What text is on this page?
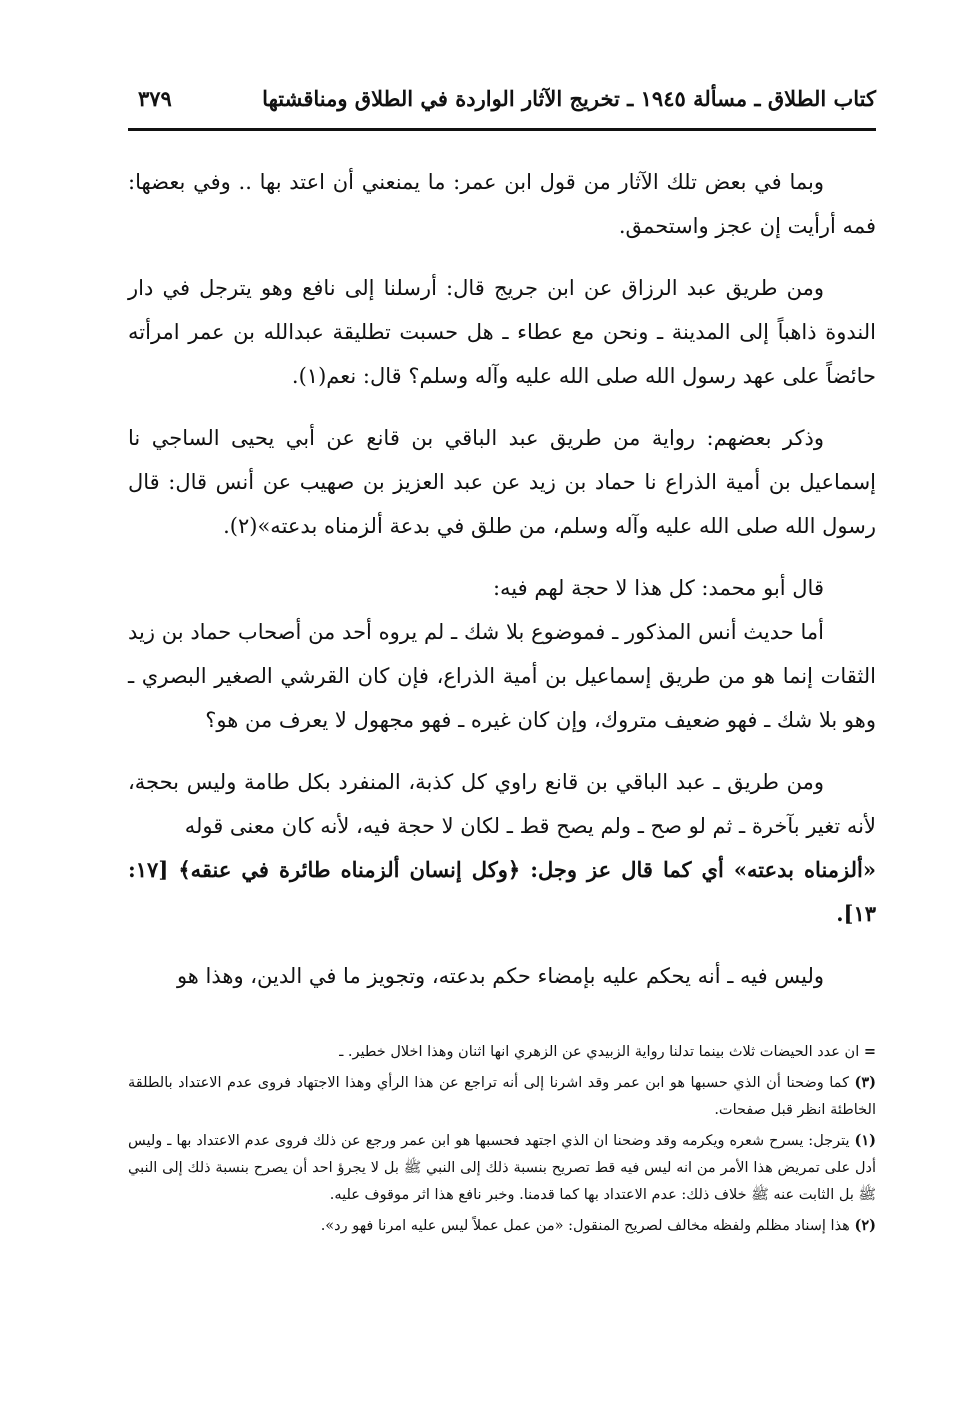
كتاب الطلاق ـ مسألة ١٩٤٥ ـ تخريج الآثار الواردة في الطلاق ومناقشتها
٣٧٩

وبما في بعض تلك الآثار من قول ابن عمر: ما يمنعني أن اعتد بها .. وفي بعضها: فمه أرأيت إن عجز واستحمق.

ومن طريق عبد الرزاق عن ابن جريج قال: أرسلنا إلى نافع وهو يترجل في دار الندوة ذاهباً إلى المدينة ـ ونحن مع عطاء ـ هل حسبت تطليقة عبدالله بن عمر امرأته حائضاً على عهد رسول الله صلى الله عليه وآله وسلم؟ قال: نعم(١).

وذكر بعضهم: رواية من طريق عبد الباقي بن قانع عن أبي يحيى الساجي نا إسماعيل بن أمية الذراع نا حماد بن زيد عن عبد العزيز بن صهيب عن أنس قال: قال رسول الله صلى الله عليه وآله وسلم، من طلق في بدعة ألزمناه بدعته»(٢).

قال أبو محمد: كل هذا لا حجة لهم فيه:

أما حديث أنس المذكور ـ فموضوع بلا شك ـ لم يروه أحد من أصحاب حماد بن زيد الثقات إنما هو من طريق إسماعيل بن أمية الذراع، فإن كان القرشي الصغير البصري ـ وهو بلا شك ـ فهو ضعيف متروك، وإن كان غيره ـ فهو مجهول لا يعرف من هو؟

ومن طريق ـ عبد الباقي بن قانع راوي كل كذبة، المنفرد بكل طامة وليس بحجة، لأنه تغير بآخرة ـ ثم لو صح ـ ولم يصح قط ـ لكان لا حجة فيه، لأنه كان معنى قوله

«ألزمناه بدعته» أي كما قال عز وجل: ﴿وكل إنسان ألزمناه طائرة في عنقه﴾ [١٧: ١٣].

وليس فيه ـ أنه يحكم عليه بإمضاء حكم بدعته، وتجويز ما في الدين، وهذا هو

= ان عدد الحيضات ثلاث بينما تدلنا رواية الزبيدي عن الزهري انها اثنان وهذا اخلال خطير. ـ

(٣) كما وضحنا أن الذي حسبها هو ابن عمر وقد اشرنا إلى أنه تراجع عن هذا الرأي وهذا الاجتهاد فروى عدم الاعتداد بالطلقة الخاطئة انظر قبل صفحات.

(١) يترجل: يسرح شعره ويكرمه وقد وضحنا ان الذي اجتهد فحسبها هو ابن عمر ورجع عن ذلك فروى عدم الاعتداد بها ـ وليس أدل على تمريض هذا الأمر من انه ليس فيه قط تصريح بنسبة ذلك إلى النبي ﷺ بل لا يجرؤ احد أن يصرح بنسبة ذلك إلى النبي ﷺ بل الثابت عنه ﷺ خلاف ذلك: عدم الاعتداد بها كما قدمنا. وخبر نافع هذا اثر موقوف عليه.

(٢) هذا إسناد مظلم ولفظه مخالف لصريح المنقول: «من عمل عملاً ليس عليه امرنا فهو رد».
